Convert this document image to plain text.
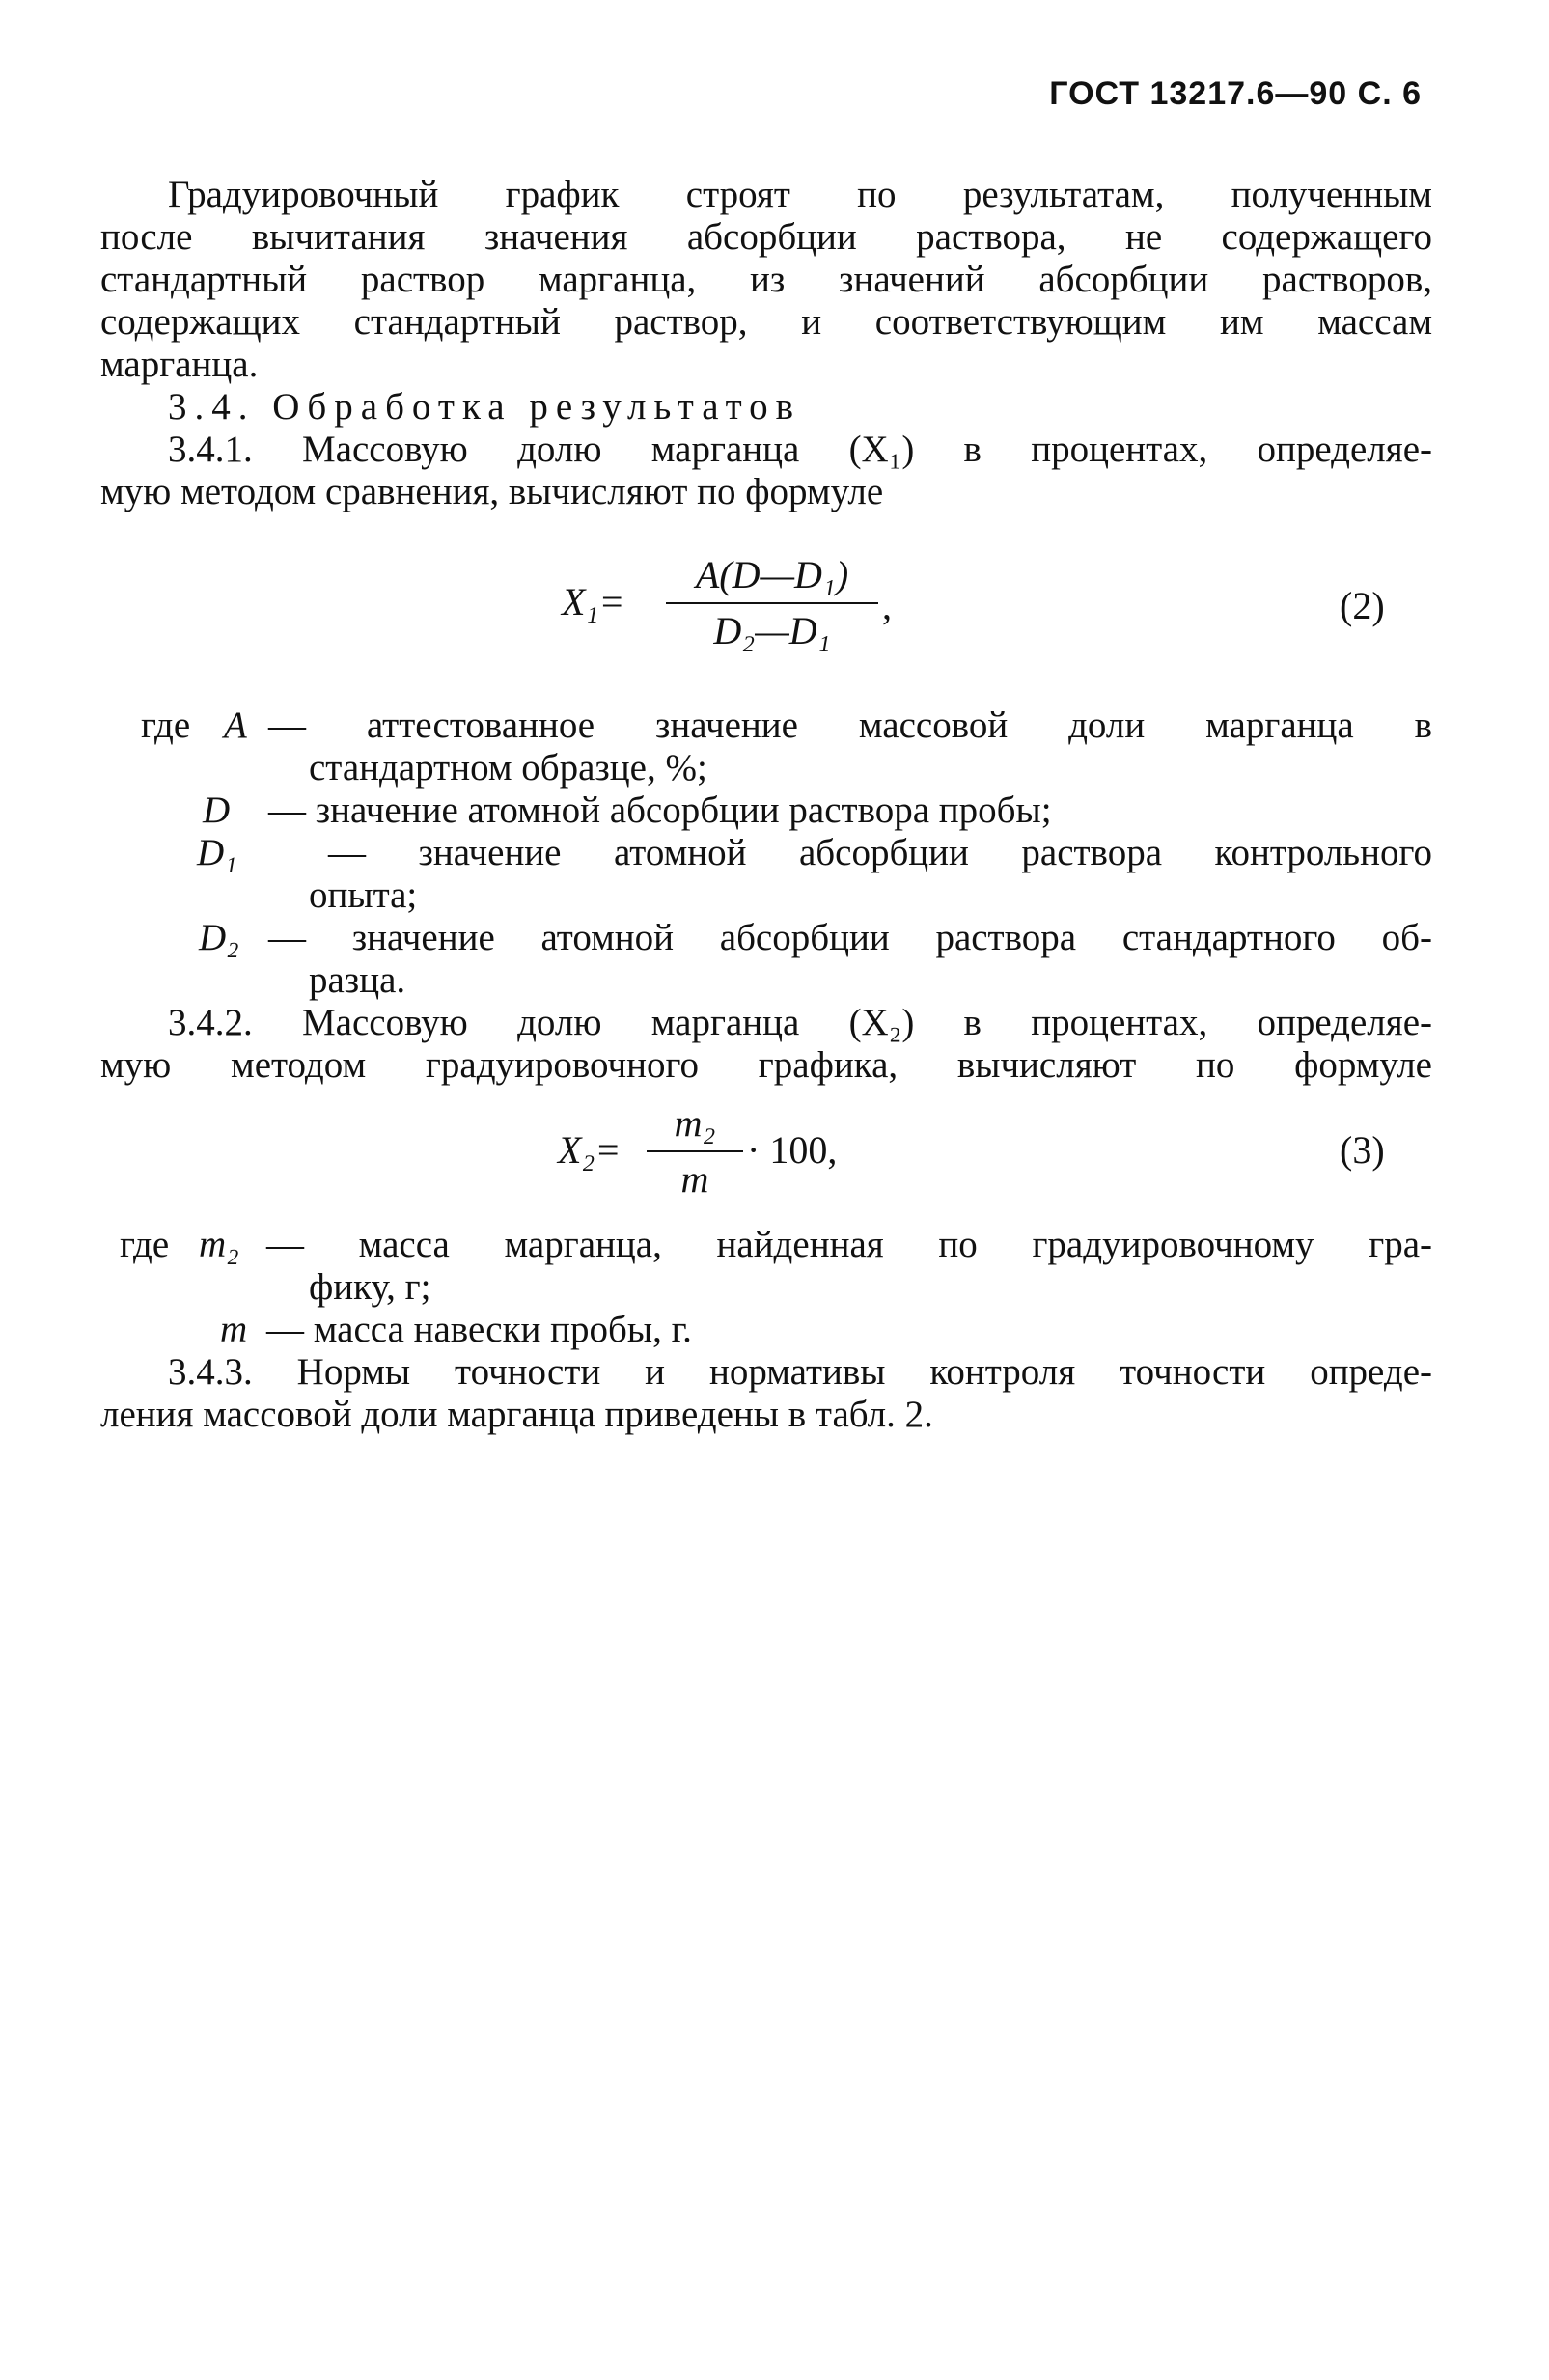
ГОСТ 13217.6—90 С. 6
Градуировочный график строят по результатам, полученным
после вычитания значения абсорбции раствора, не содержащего
стандартный раствор марганца, из значений абсорбции растворов,
содержащих стандартный раствор, и соответствующим им массам
марганца.
3.4. Обработка результатов
3.4.1. Массовую долю марганца (X₁) в процентах, определяе-
мую методом сравнения, вычисляют по формуле
X₁=
A(D—D₁)
D₂—D₁
,	(2)
где A — аттестованное значение массовой доли марганца в
стандартном образце, %;
D — значение атомной абсорбции раствора пробы;
D₁ — значение атомной абсорбции раствора контрольного
опыта;
D₂ — значение атомной абсорбции раствора стандартного об-
разца.
3.4.2. Массовую долю марганца (X₂) в процентах, определяе-
мую методом градуировочного графика, вычисляют по формуле
X₂=
m₂
m
· 100,	(3)
где m₂ — масса марганца, найденная по градуировочному гра-
фику, г;
m — масса навески пробы, г.
3.4.3. Нормы точности и нормативы контроля точности опреде-
ления массовой доли марганца приведены в табл. 2.
